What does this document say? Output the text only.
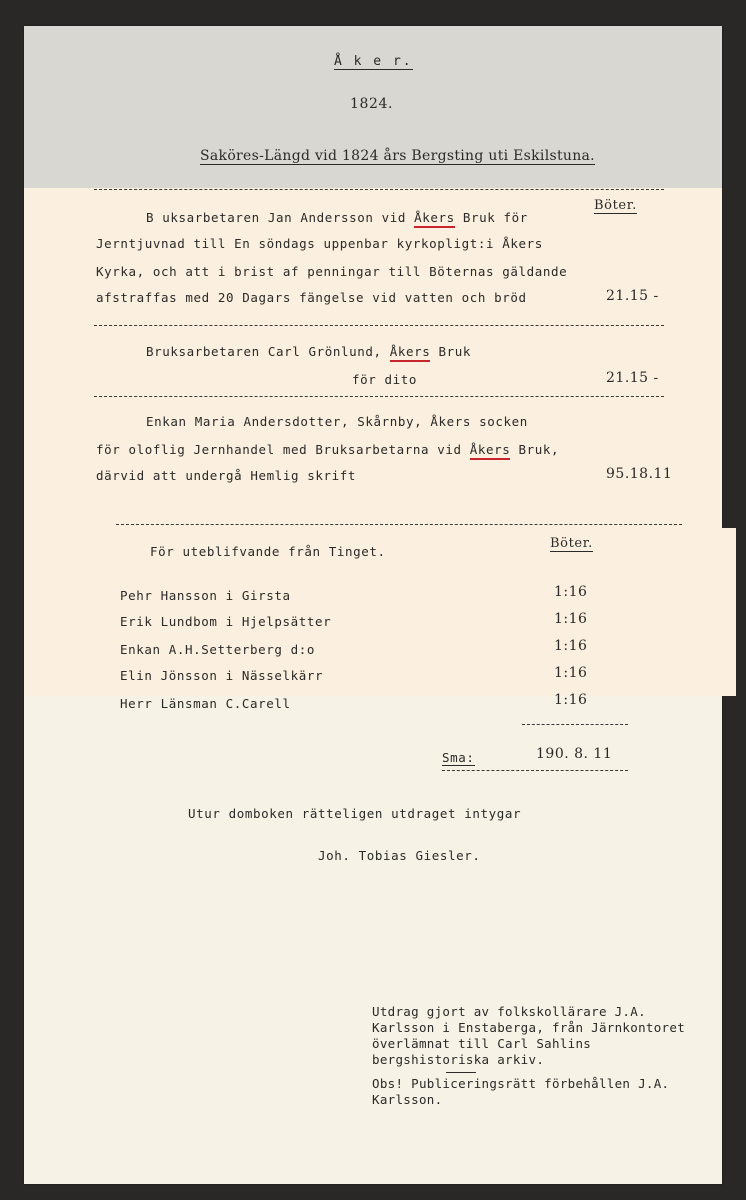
Å k e r.
1824.
Saköres-Längd vid 1824 års Bergsting uti Eskilstuna.
Böter.
B uksarbetaren Jan Andersson vid Åkers Bruk för
Jerntjuvnad till En söndags uppenbar kyrkopligt:i Åkers
Kyrka, och att i brist af penningar till Böternas gäldande
afstraffas med 20 Dagars fängelse vid vatten och bröd	21.15 -
Bruksarbetaren Carl Grönlund, Åkers Bruk
för dito	21.15 -
Enkan Maria Andersdotter, Skårnby, Åkers socken
för oloflig Jernhandel med Bruksarbetarna vid Åkers Bruk,
därvid att undergå Hemlig skrift	95.18.11
Böter.
För uteblifvande från Tinget.
Pehr Hansson i Girsta	1:16
Erik Lundbom i Hjelpsätter	1:16
Enkan A.H.Setterberg d:o	1:16
Elin Jönsson i Nässelkärr	1:16
Herr Länsman C.Carell	1:16
Sma:	190. 8. 11
Utur domboken rätteligen utdraget intygar
Joh. Tobias Giesler.
Utdrag gjort av folkskollärare J.A. Karlsson i Enstaberga, från Järnkontoret överlämnat till Carl Sahlins bergshistoriska arkiv.
Obs! Publiceringsrätt förbehållen J.A. Karlsson.
